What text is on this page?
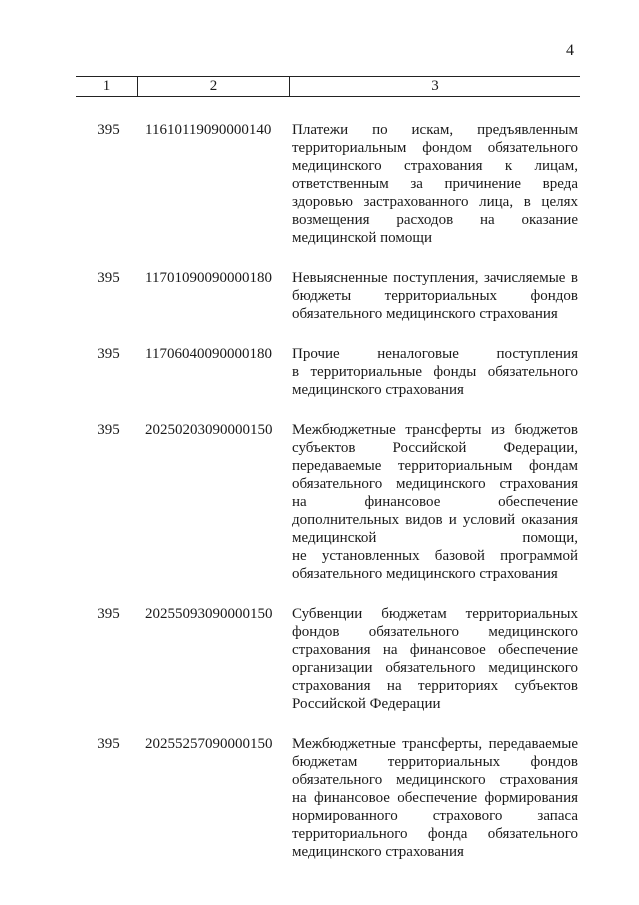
4
1	2	3
395	11610119090000140	Платежи по искам, предъявленным
территориальным фондом обязательного
медицинского страхования к лицам,
ответственным за причинение вреда
здоровью застрахованного лица, в целях
возмещения расходов на оказание
медицинской помощи
395	11701090090000180	Невыясненные поступления, зачисляемые в
бюджеты территориальных фондов
обязательного медицинского страхования
395	11706040090000180	Прочие неналоговые поступления
в территориальные фонды обязательного
медицинского страхования
395	20250203090000150	Межбюджетные трансферты из бюджетов
субъектов Российской Федерации,
передаваемые территориальным фондам
обязательного медицинского страхования
на финансовое обеспечение
дополнительных видов и условий оказания
медицинской помощи,
не установленных базовой программой
обязательного медицинского страхования
395	20255093090000150	Субвенции бюджетам территориальных
фондов обязательного медицинского
страхования на финансовое обеспечение
организации обязательного медицинского
страхования на территориях субъектов
Российской Федерации
395	20255257090000150	Межбюджетные трансферты, передаваемые
бюджетам территориальных фондов
обязательного медицинского страхования
на финансовое обеспечение формирования
нормированного страхового запаса
территориального фонда обязательного
медицинского страхования
